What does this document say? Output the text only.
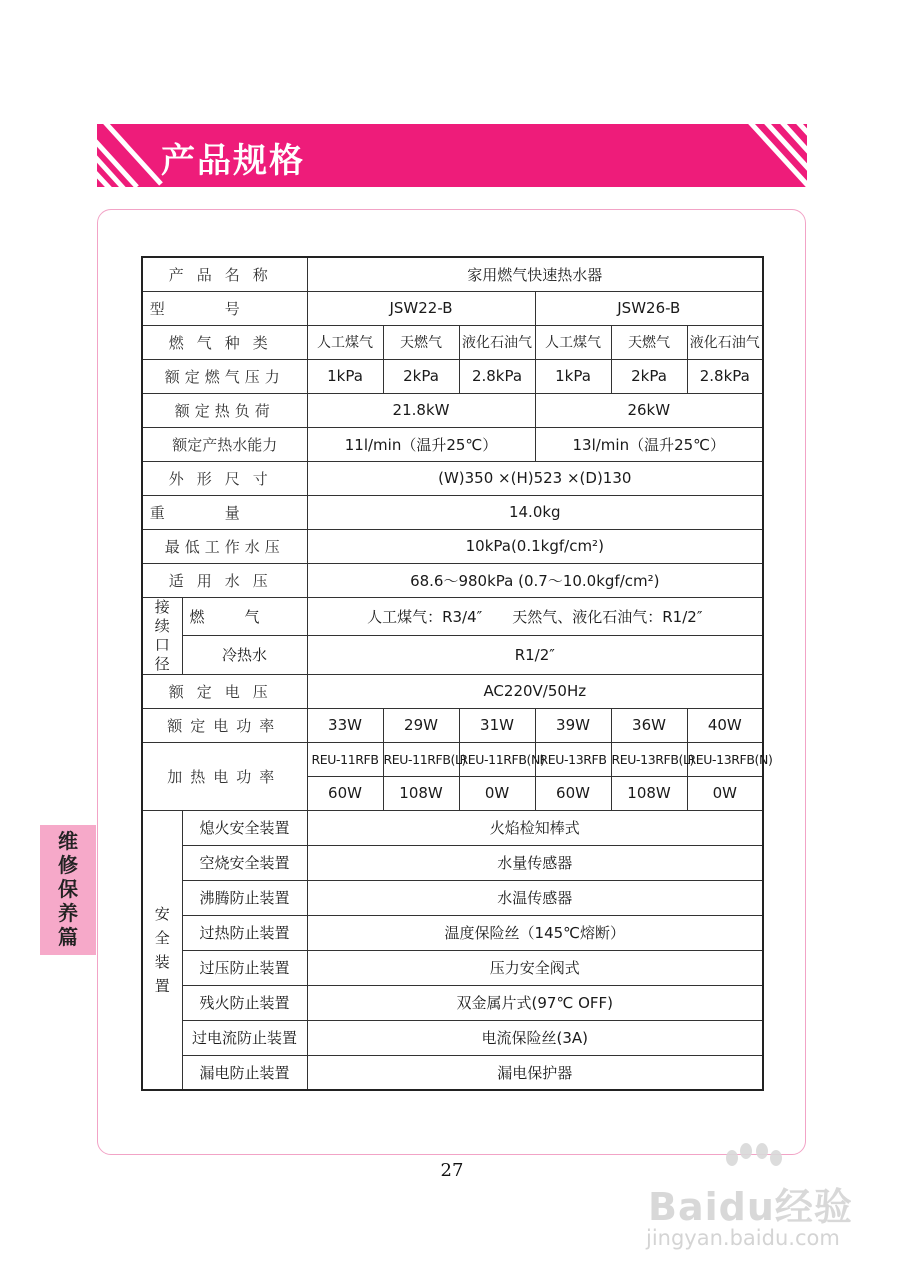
产品规格
产品名称		家用燃气快速热水器					
型号		JSW22-B			JSW26-B		
燃气种类		人工煤气	天燃气	液化石油气	人工煤气	天燃气	液化石油气
额定燃气压力		1kPa	2kPa	2.8kPa	1kPa	2kPa	2.8kPa
额定热负荷		21.8kW			26kW		
额定产热水能力		11l/min（温升25℃）			13l/min（温升25℃）		
外形尺寸		(W)350 ×(H)523 ×(D)130					
重量		14.0kg					
最低工作水压		10kPa(0.1kgf/cm²)					
适用水压		68.6～980kPa (0.7～10.0kgf/cm²)					
接续口径	燃气	人工煤气：R3/4″　　天然气、液化石油气：R1/2″					
	冷热水	R1/2″					
额定电压		AC220V/50Hz					
额定电功率		33W	29W	31W	39W	36W	40W
加热电功率		REU-11RFB	REU-11RFB(L)	REU-11RFB(N)	REU-13RFB	REU-13RFB(L)	REU-13RFB(N)
		60W	108W	0W	60W	108W	0W
安全装置	熄火安全装置	火焰检知棒式					
	空烧安全装置	水量传感器					
	沸腾防止装置	水温传感器					
	过热防止装置	温度保险丝（145℃熔断）					
	过压防止装置	压力安全阀式					
	残火防止装置	双金属片式(97℃ OFF)					
	过电流防止装置	电流保险丝(3A)					
	漏电防止装置	漏电保护器					
维修保养篇
27
Baidu经验
jingyan.baidu.com
